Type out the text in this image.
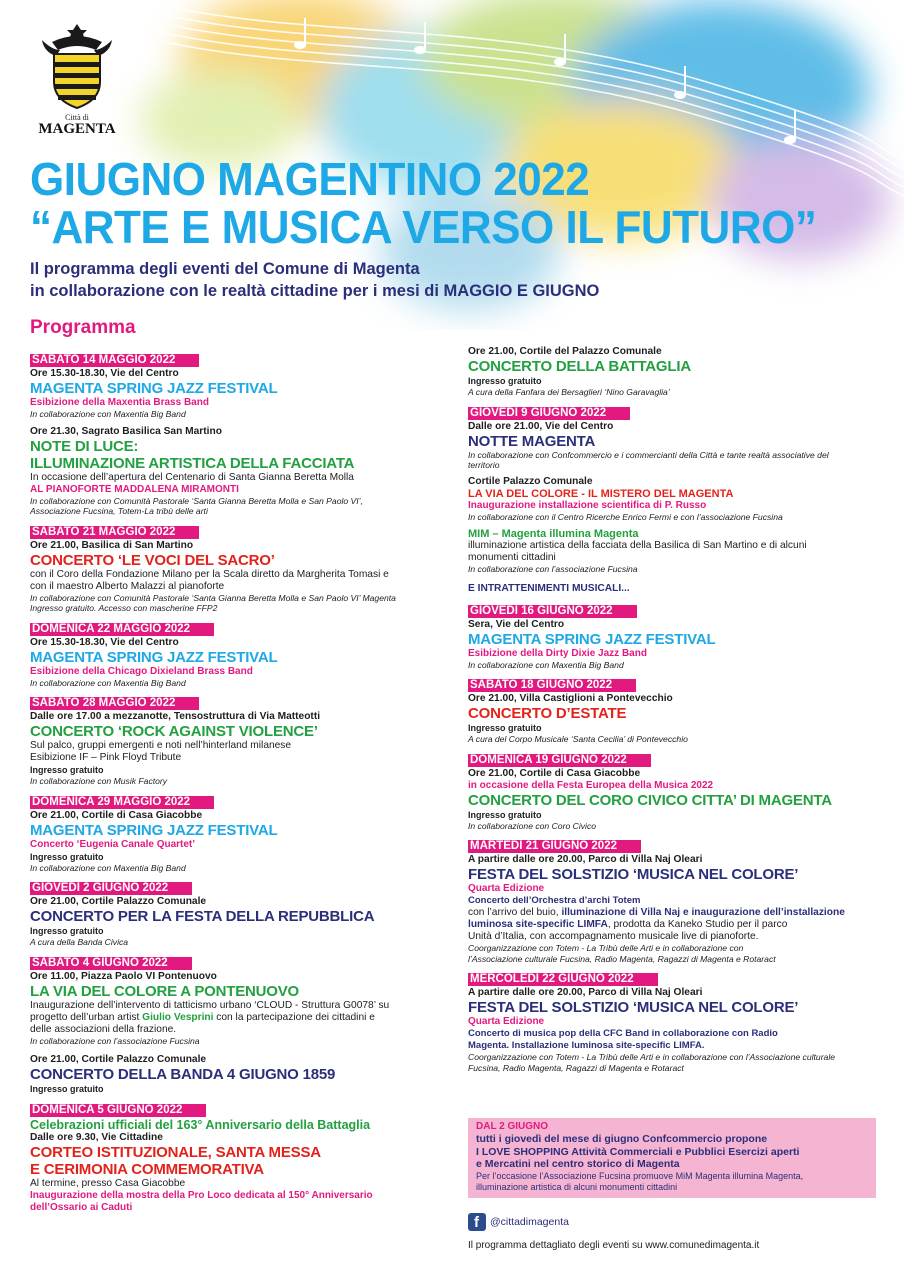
Città di
MAGENTA
GIUGNO MAGENTINO 2022
“ARTE E MUSICA VERSO IL FUTURO”
Il programma degli eventi del Comune di Magenta
in collaborazione con le realtà cittadine per i mesi di MAGGIO E GIUGNO
Programma
SABATO 14 MAGGIO 2022
Ore 15.30-18.30, Vie del Centro
MAGENTA SPRING JAZZ FESTIVAL
Esibizione della Maxentia Brass Band
In collaborazione con Maxentia Big Band
Ore 21.30, Sagrato Basilica San Martino
NOTE DI LUCE:
ILLUMINAZIONE ARTISTICA DELLA FACCIATA
In occasione dell’apertura del Centenario di Santa Gianna Beretta Molla
AL PIANOFORTE MADDALENA MIRAMONTI
In collaborazione con Comunità Pastorale ‘Santa Gianna Beretta Molla e San Paolo VI’,
Associazione Fucsina, Totem-La tribù delle arti
SABATO 21 MAGGIO 2022
Ore 21.00, Basilica di San Martino
CONCERTO ‘LE VOCI DEL SACRO’
con il Coro della Fondazione Milano per la Scala diretto da Margherita Tomasi e
con il maestro Alberto Malazzi al pianoforte
In collaborazione con Comunità Pastorale ‘Santa Gianna Beretta Molla e San Paolo VI’ Magenta
Ingresso gratuito. Accesso con mascherine FFP2
DOMENICA 22 MAGGIO 2022
Ore 15.30-18.30, Vie del Centro
MAGENTA SPRING JAZZ FESTIVAL
Esibizione della Chicago Dixieland Brass Band
In collaborazione con Maxentia Big Band
SABATO 28 MAGGIO 2022
Dalle ore 17.00 a mezzanotte, Tensostruttura di Via Matteotti
CONCERTO ‘ROCK AGAINST VIOLENCE’
Sul palco, gruppi emergenti e noti nell’hinterland milanese
Esibizione IF – Pink Floyd Tribute
Ingresso gratuito
In collaborazione con Musik Factory
DOMENICA 29 MAGGIO 2022
Ore 21.00, Cortile di Casa Giacobbe
MAGENTA SPRING JAZZ FESTIVAL
Concerto ‘Eugenia Canale Quartet’
Ingresso gratuito
In collaborazione con Maxentia Big Band
GIOVEDÌ 2 GIUGNO 2022
Ore 21.00, Cortile Palazzo Comunale
CONCERTO PER LA FESTA DELLA REPUBBLICA
Ingresso gratuito
A cura della Banda Civica
SABATO 4 GIUGNO 2022
Ore 11.00, Piazza Paolo VI Pontenuovo
LA VIA DEL COLORE A PONTENUOVO
Inaugurazione dell’intervento di tatticismo urbano ‘CLOUD - Struttura G0078’ su
progetto dell’urban artist Giulio Vesprini con la partecipazione dei cittadini e
delle associazioni della frazione.
In collaborazione con l’associazione Fucsina
Ore 21.00, Cortile Palazzo Comunale
CONCERTO DELLA BANDA 4 GIUGNO 1859
Ingresso gratuito
DOMENICA 5 GIUGNO 2022
Celebrazioni ufficiali del 163° Anniversario della Battaglia
Dalle ore 9.30, Vie Cittadine
CORTEO ISTITUZIONALE, SANTA MESSA
E CERIMONIA COMMEMORATIVA
Al termine, presso Casa Giacobbe
Inaugurazione della mostra della Pro Loco dedicata al 150° Anniversario
dell’Ossario ai Caduti
Ore 21.00, Cortile del Palazzo Comunale
CONCERTO DELLA BATTAGLIA
Ingresso gratuito
A cura della Fanfara dei Bersaglieri ‘Nino Garavaglia’
GIOVEDÌ 9 GIUGNO 2022
Dalle ore 21.00, Vie del Centro
NOTTE MAGENTA
In collaborazione con Confcommercio e i commercianti della Città e tante realtà associative del
territorio
Cortile Palazzo Comunale
LA VIA DEL COLORE - IL MISTERO DEL MAGENTA
Inaugurazione installazione scientifica di P. Russo
In collaborazione con il Centro Ricerche Enrico Fermi e con l’associazione Fucsina
MIM – Magenta illumina Magenta
illuminazione artistica della facciata della Basilica di San Martino e di alcuni
monumenti cittadini
In collaborazione con l’associazione Fucsina
E INTRATTENIMENTI MUSICALI...
GIOVEDÌ 16 GIUGNO 2022
Sera, Vie del Centro
MAGENTA SPRING JAZZ FESTIVAL
Esibizione della Dirty Dixie Jazz Band
In collaborazione con Maxentia Big Band
SABATO 18 GIUGNO 2022
Ore 21.00, Villa Castiglioni a Pontevecchio
CONCERTO D’ESTATE
Ingresso gratuito
A cura del Corpo Musicale ‘Santa Cecilia’ di Pontevecchio
DOMENICA 19 GIUGNO 2022
Ore 21.00, Cortile di Casa Giacobbe
in occasione della Festa Europea della Musica 2022
CONCERTO DEL CORO CIVICO CITTA’ DI MAGENTA
Ingresso gratuito
In collaborazione con Coro Civico
MARTEDÌ 21 GIUGNO 2022
A partire dalle ore 20.00, Parco di Villa Naj Oleari
FESTA DEL SOLSTIZIO ‘MUSICA NEL COLORE’
Quarta Edizione
Concerto dell’Orchestra d’archi Totem
con l’arrivo del buio, illuminazione di Villa Naj e inaugurazione dell’installazione
luminosa site-specific LIMFA, prodotta da Kaneko Studio per il parco
Unità d’Italia, con accompagnamento musicale live di pianoforte.
Coorganizzazione con Totem - La Tribù delle Arti e in collaborazione con
l’Associazione culturale Fucsina, Radio Magenta, Ragazzi di Magenta e Rotaract
MERCOLEDÌ 22 GIUGNO 2022
A partire dalle ore 20.00, Parco di Villa Naj Oleari
FESTA DEL SOLSTIZIO ‘MUSICA NEL COLORE’
Quarta Edizione
Concerto di musica pop della CFC Band in collaborazione con Radio
Magenta. Installazione luminosa site-specific LIMFA.
Coorganizzazione con Totem - La Tribù delle Arti e in collaborazione con l’Associazione culturale
Fucsina, Radio Magenta, Ragazzi di Magenta e Rotaract
DAL 2 GIUGNO
tutti i giovedì del mese di giugno Confcommercio propone
I LOVE SHOPPING Attività Commerciali e Pubblici Esercizi aperti
e Mercatini nel centro storico di Magenta
Per l’occasione l’Associazione Fucsina promuove MiM Magenta illumina Magenta,
illuminazione artistica di alcuni monumenti cittadini
f @cittadimagenta
Il programma dettagliato degli eventi su www.comunedimagenta.it
